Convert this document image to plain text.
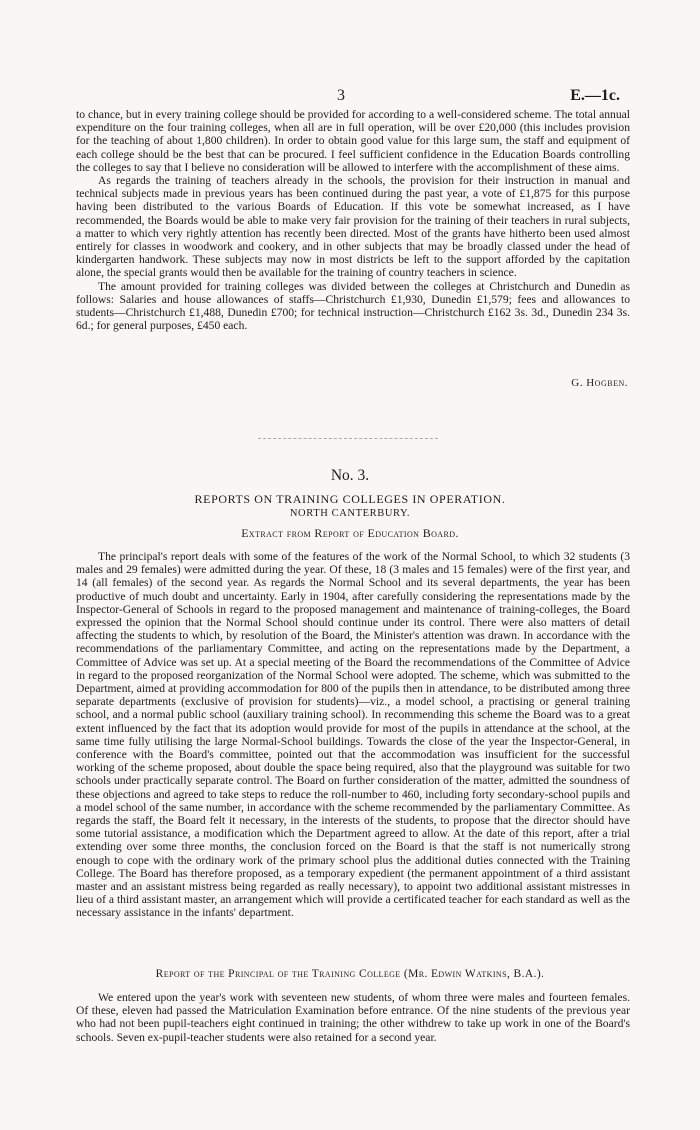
3	E.—1c.

to chance, but in every training college should be provided for according to a well-considered scheme. The total annual expenditure on the four training colleges, when all are in full operation, will be over £20,000 (this includes provision for the teaching of about 1,800 children). In order to obtain good value for this large sum, the staff and equipment of each college should be the best that can be procured. I feel sufficient confidence in the Education Boards controlling the colleges to say that I believe no consideration will be allowed to interfere with the accomplishment of these aims.

As regards the training of teachers already in the schools, the provision for their instruction in manual and technical subjects made in previous years has been continued during the past year, a vote of £1,875 for this purpose having been distributed to the various Boards of Education. If this vote be somewhat increased, as I have recommended, the Boards would be able to make very fair provision for the training of their teachers in rural subjects, a matter to which very rightly attention has recently been directed. Most of the grants have hitherto been used almost entirely for classes in woodwork and cookery, and in other subjects that may be broadly classed under the head of kindergarten handwork. These subjects may now in most districts be left to the support afforded by the capitation alone, the special grants would then be available for the training of country teachers in science.

The amount provided for training colleges was divided between the colleges at Christchurch and Dunedin as follows: Salaries and house allowances of staffs—Christchurch £1,930, Dunedin £1,579; fees and allowances to students—Christchurch £1,488, Dunedin £700; for technical instruction—Christchurch £162 3s. 3d., Dunedin 234 3s. 6d.; for general purposes, £450 each.

G. Hogben.
No. 3.
REPORTS ON TRAINING COLLEGES IN OPERATION.
NORTH CANTERBURY.
Extract from Report of Education Board.

The principal's report deals with some of the features of the work of the Normal School, to which 32 students (3 males and 29 females) were admitted during the year. Of these, 18 (3 males and 15 females) were of the first year, and 14 (all females) of the second year. As regards the Normal School and its several departments, the year has been productive of much doubt and uncertainty. Early in 1904, after carefully considering the representations made by the Inspector-General of Schools in regard to the proposed management and maintenance of training-colleges, the Board expressed the opinion that the Normal School should continue under its control. There were also matters of detail affecting the students to which, by resolution of the Board, the Minister's attention was drawn. In accordance with the recommendations of the parliamentary Committee, and acting on the representations made by the Department, a Committee of Advice was set up. At a special meeting of the Board the recommendations of the Committee of Advice in regard to the proposed reorganization of the Normal School were adopted. The scheme, which was submitted to the Department, aimed at providing accommodation for 800 of the pupils then in attendance, to be distributed among three separate departments (exclusive of provision for students)—viz., a model school, a practising or general training school, and a normal public school (auxiliary training school). In recommending this scheme the Board was to a great extent influenced by the fact that its adoption would provide for most of the pupils in attendance at the school, at the same time fully utilising the large Normal-School buildings. Towards the close of the year the Inspector-General, in conference with the Board's committee, pointed out that the accommodation was insufficient for the successful working of the scheme proposed, about double the space being required, also that the playground was suitable for two schools under practically separate control. The Board on further consideration of the matter, admitted the soundness of these objections and agreed to take steps to reduce the roll-number to 460, including forty secondary-school pupils and a model school of the same number, in accordance with the scheme recommended by the parliamentary Committee. As regards the staff, the Board felt it necessary, in the interests of the students, to propose that the director should have some tutorial assistance, a modification which the Department agreed to allow. At the date of this report, after a trial extending over some three months, the conclusion forced on the Board is that the staff is not numerically strong enough to cope with the ordinary work of the primary school plus the additional duties connected with the Training College. The Board has therefore proposed, as a temporary expedient (the permanent appointment of a third assistant master and an assistant mistress being regarded as really necessary), to appoint two additional assistant mistresses in lieu of a third assistant master, an arrangement which will provide a certificated teacher for each standard as well as the necessary assistance in the infants' department.

Report of the Principal of the Training College (Mr. Edwin Watkins, B.A.).

We entered upon the year's work with seventeen new students, of whom three were males and fourteen females. Of these, eleven had passed the Matriculation Examination before entrance. Of the nine students of the previous year who had not been pupil-teachers eight continued in training; the other withdrew to take up work in one of the Board's schools. Seven ex-pupil-teacher students were also retained for a second year.
